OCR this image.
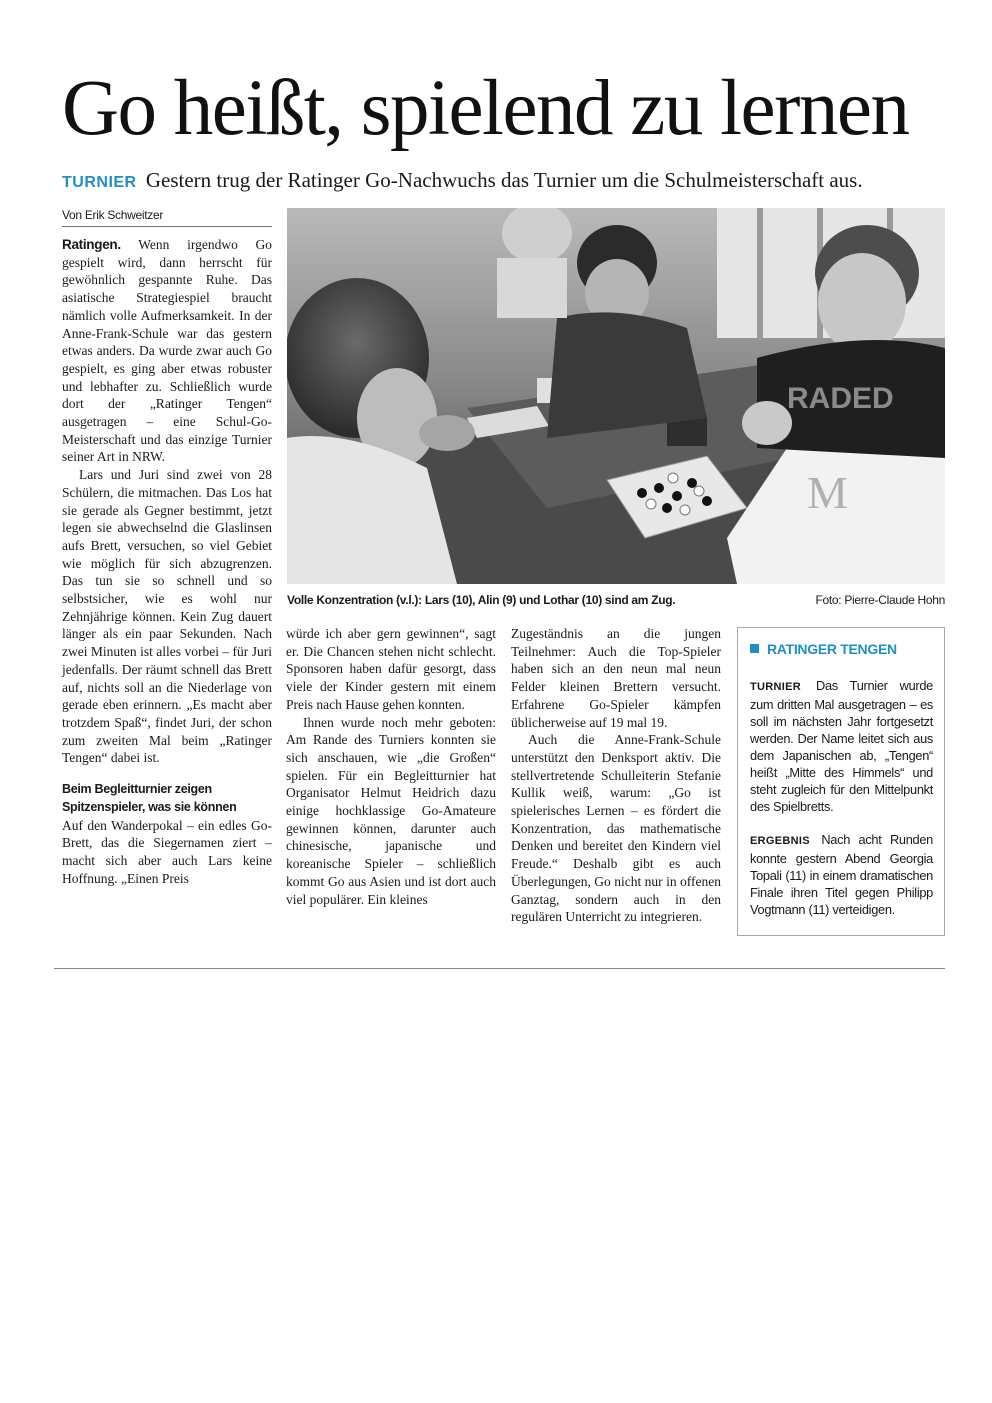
Go heißt, spielend zu lernen
TURNIER Gestern trug der Ratinger Go-Nachwuchs das Turnier um die Schulmeisterschaft aus.
Von Erik Schweitzer

Ratingen. Wenn irgendwo Go gespielt wird, dann herrscht für gewöhnlich gespannte Ruhe. Das asiatische Strategiespiel braucht nämlich volle Aufmerksamkeit. In der Anne-Frank-Schule war das gestern etwas anders. Da wurde zwar auch Go gespielt, es ging aber etwas robuster und lebhafter zu. Schließlich wurde dort der „Ratinger Tengen“ ausgetragen – eine Schul-Go-Meisterschaft und das einzige Turnier seiner Art in NRW.

Lars und Juri sind zwei von 28 Schülern, die mitmachen. Das Los hat sie gerade als Gegner bestimmt, jetzt legen sie abwechselnd die Glaslinsen aufs Brett, versuchen, so viel Gebiet wie möglich für sich abzugrenzen. Das tun sie so schnell und so selbstsicher, wie es wohl nur Zehnjährige können. Kein Zug dauert länger als ein paar Sekunden. Nach zwei Minuten ist alles vorbei – für Juri jedenfalls. Der räumt schnell das Brett auf, nichts soll an die Niederlage von gerade eben erinnern. „Es macht aber trotzdem Spaß“, findet Juri, der schon zum zweiten Mal beim „Ratinger Tengen“ dabei ist.

Beim Begleitturnier zeigen Spitzenspieler, was sie können

Auf den Wanderpokal – ein edles Go-Brett, das die Siegernamen ziert – macht sich aber auch Lars keine Hoffnung. „Einen Preis

würde ich aber gern gewinnen“, sagt er. Die Chancen stehen nicht schlecht. Sponsoren haben dafür gesorgt, dass viele der Kinder gestern mit einem Preis nach Hause gehen konnten.

Ihnen wurde noch mehr geboten: Am Rande des Turniers konnten sie sich anschauen, wie „die Großen“ spielen. Für ein Begleitturnier hat Organisator Helmut Heidrich dazu einige hochklassige Go-Amateure gewinnen können, darunter auch chinesische, japanische und koreanische Spieler – schließlich kommt Go aus Asien und ist dort auch viel populärer. Ein kleines

Zugeständnis an die jungen Teilnehmer: Auch die Top-Spieler haben sich an den neun mal neun Felder kleinen Brettern versucht. Erfahrene Go-Spieler kämpfen üblicherweise auf 19 mal 19.

Auch die Anne-Frank-Schule unterstützt den Denksport aktiv. Die stellvertretende Schulleiterin Stefanie Kullik weiß, warum: „Go ist spielerisches Lernen – es fördert die Konzentration, das mathematische Denken und bereitet den Kindern viel Freude.“ Deshalb gibt es auch Überlegungen, Go nicht nur in offenen Ganztag, sondern auch in den regulären Unterricht zu integrieren.

M
RADED
Volle Konzentration (v.l.): Lars (10), Alin (9) und Lothar (10) sind am Zug.	Foto: Pierre-Claude Hohn
RATINGER TENGEN

TURNIER Das Turnier wurde zum dritten Mal ausgetragen – es soll im nächsten Jahr fortgesetzt werden. Der Name leitet sich aus dem Japanischen ab, „Tengen“ heißt „Mitte des Himmels“ und steht zugleich für den Mittelpunkt des Spielbretts.

ERGEBNIS Nach acht Runden konnte gestern Abend Georgia Topali (11) in einem dramatischen Finale ihren Titel gegen Philipp Vogtmann (11) verteidigen.
